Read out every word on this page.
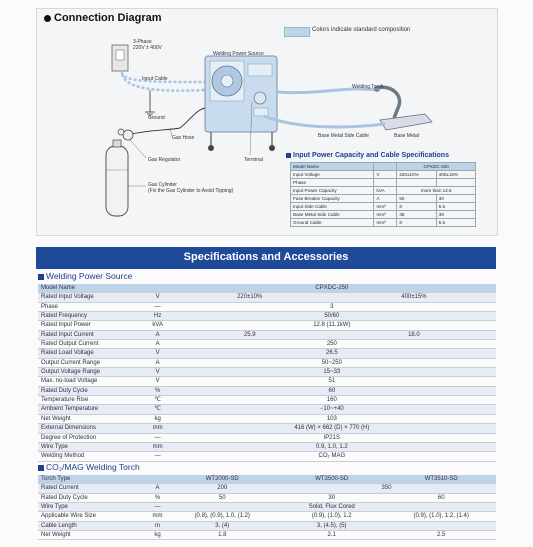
Connection Diagram
Colors indicate standard composition
3-Phase
220V ± 400V
Input Cable
Welding Power Source
Welding Torch
Ground
Gas Hose
Gas Regulator	Terminal
Base Metal Side Cable	Base Metal
Gas Cylinder
(Fix the Gas Cylinder to Avoid Tipping)
Input Power Capacity and Cable Specifications
Model Name		CPXDC-250	
Input Voltage	V	220±10%	400±15%
Phase			
Input Power Capacity	kVA	more than 12.5	
Fuse Breaker Capacity	A	50	30
Input Side Cable	mm²	8	5.5
Base Metal Side Cable	mm²	38	38
Ground Cable	mm²	8	5.5
Specifications and Accessories
Welding Power Source
Model Name		CPXDC-250	
Rated Input Voltage	V	220±10%	400±15%
Phase	—	3	
Rated Frequency	Hz	50/60	
Rated Input Power	kVA	12.8 (11.1kW)	
Rated Input Current	A	25.9	18.0
Rated Output Current	A	250	
Rated Load Voltage	V	26.5	
Output Current Range	A	50~250	
Output Voltage Range	V	15~33	
Max. no-load Voltage	V	51	
Rated Duty Cycle	%	60	
Temperature Rise	℃	160	
Ambient Temperature	℃	−10~+40	
Net Weight	kg	103	
External Dimensions	mm	416 (W) × 662 (D) × 770 (H)	
Degree of Protection	—	IP21S	
Wire Type	mm	0.9, 1.0, 1.2	
Welding Method	—	CO₂ MAG	
CO₂/MAG Welding Torch
Torch Type		WT2000-SD	WT3500-SD	WT3510-SD
Rated Current	A	200	350	
Rated Duty Cycle	%	50	30	60
Wire Type	—	Solid, Flux Cored		
Applicable Wire Size	mm	(0.8), (0.9), 1.0, (1.2)	(0.9), (1.0), 1.2	(0.9), (1.0), 1.2, (1.4)
Cable Length	m	3, (4)	3, (4.5), (5)	
Net Weight	kg	1.8	2.1	2.5
